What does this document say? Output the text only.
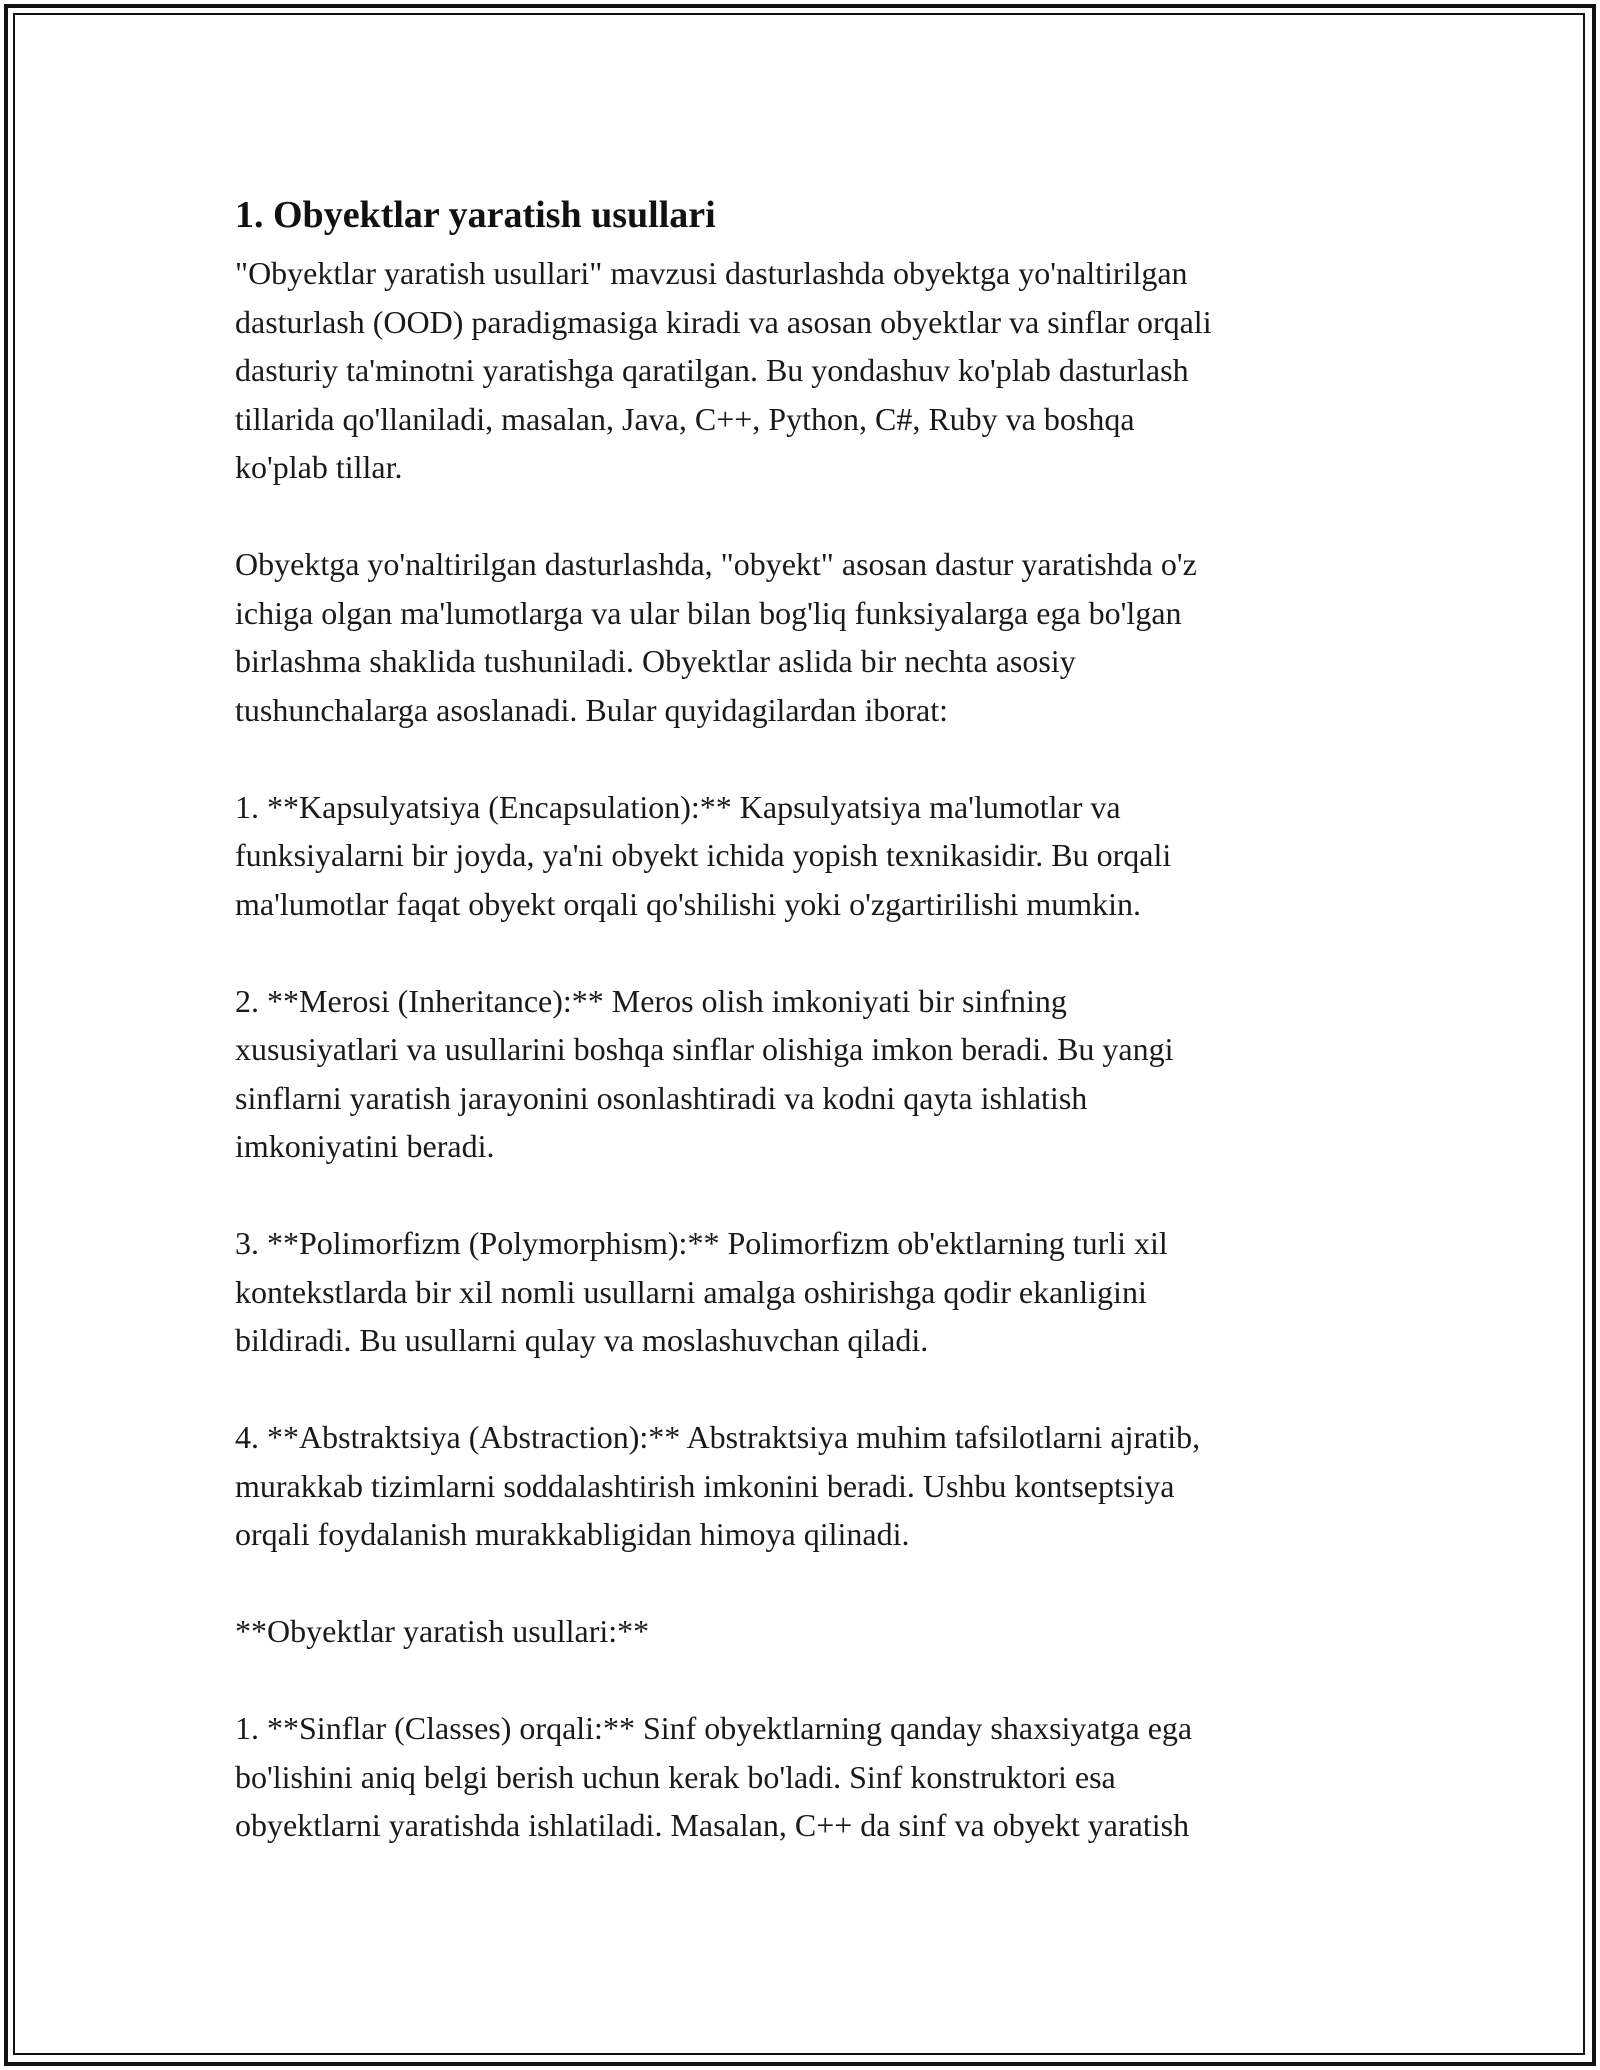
1. Obyektlar yaratish usullari

"Obyektlar yaratish usullari" mavzusi dasturlashda obyektga yo'naltirilgan
dasturlash (OOD) paradigmasiga kiradi va asosan obyektlar va sinflar orqali
dasturiy ta'minotni yaratishga qaratilgan. Bu yondashuv ko'plab dasturlash
tillarida qo'llaniladi, masalan, Java, C++, Python, C#, Ruby va boshqa
ko'plab tillar.

Obyektga yo'naltirilgan dasturlashda, "obyekt" asosan dastur yaratishda o'z
ichiga olgan ma'lumotlarga va ular bilan bog'liq funksiyalarga ega bo'lgan
birlashma shaklida tushuniladi. Obyektlar aslida bir nechta asosiy
tushunchalarga asoslanadi. Bular quyidagilardan iborat:

1. **Kapsulyatsiya (Encapsulation):** Kapsulyatsiya ma'lumotlar va
funksiyalarni bir joyda, ya'ni obyekt ichida yopish texnikasidir. Bu orqali
ma'lumotlar faqat obyekt orqali qo'shilishi yoki o'zgartirilishi mumkin.

2. **Merosi (Inheritance):** Meros olish imkoniyati bir sinfning
xususiyatlari va usullarini boshqa sinflar olishiga imkon beradi. Bu yangi
sinflarni yaratish jarayonini osonlashtiradi va kodni qayta ishlatish
imkoniyatini beradi.

3. **Polimorfizm (Polymorphism):** Polimorfizm ob'ektlarning turli xil
kontekstlarda bir xil nomli usullarni amalga oshirishga qodir ekanligini
bildiradi. Bu usullarni qulay va moslashuvchan qiladi.

4. **Abstraktsiya (Abstraction):** Abstraktsiya muhim tafsilotlarni ajratib,
murakkab tizimlarni soddalashtirish imkonini beradi. Ushbu kontseptsiya
orqali foydalanish murakkabligidan himoya qilinadi.

**Obyektlar yaratish usullari:**

1. **Sinflar (Classes) orqali:** Sinf obyektlarning qanday shaxsiyatga ega
bo'lishini aniq belgi berish uchun kerak bo'ladi. Sinf konstruktori esa
obyektlarni yaratishda ishlatiladi. Masalan, C++ da sinf va obyekt yaratish
